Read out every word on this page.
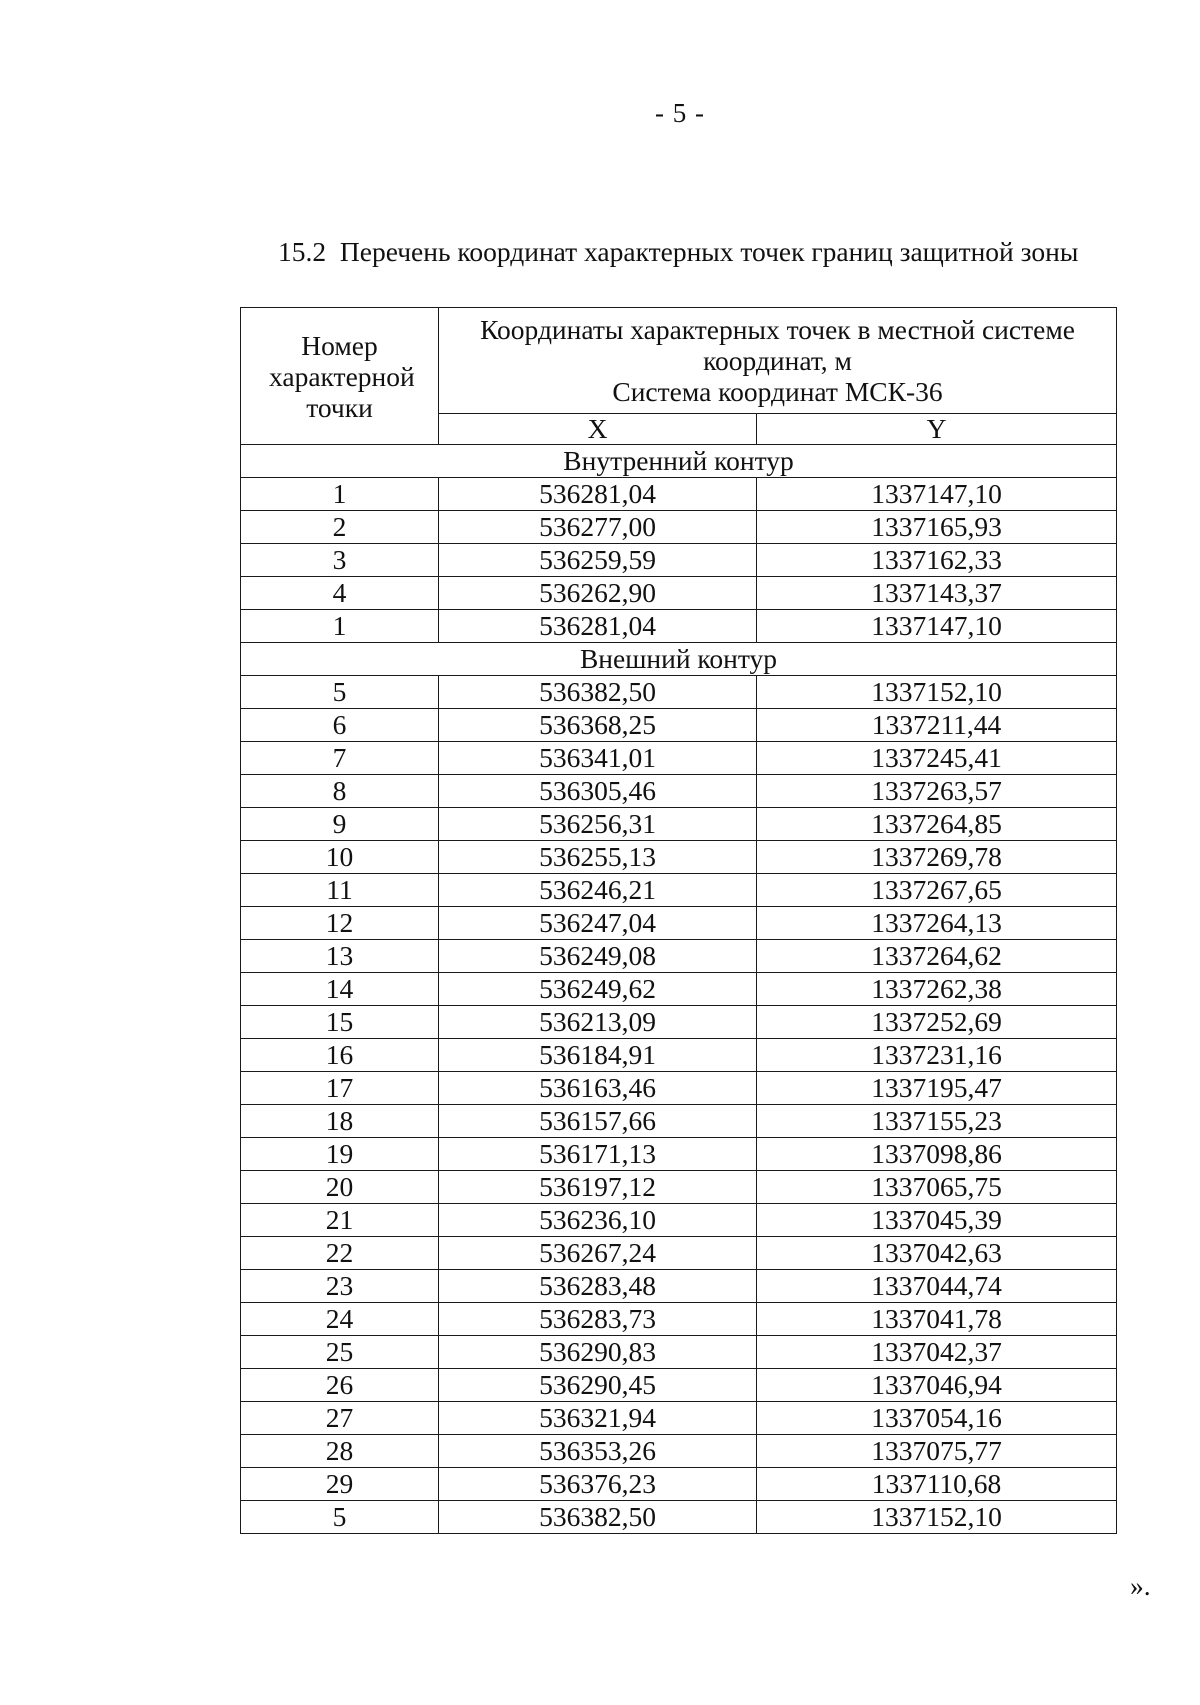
- 5 -
15.2  Перечень координат характерных точек границ защитной зоны
Номер характерной точки	Координаты характерных точек в местной системе координат, м
Система координат МСК-36	
	X	Y
Внутренний контур		
1	536281,04	1337147,10
2	536277,00	1337165,93
3	536259,59	1337162,33
4	536262,90	1337143,37
1	536281,04	1337147,10
Внешний контур		
5	536382,50	1337152,10
6	536368,25	1337211,44
7	536341,01	1337245,41
8	536305,46	1337263,57
9	536256,31	1337264,85
10	536255,13	1337269,78
11	536246,21	1337267,65
12	536247,04	1337264,13
13	536249,08	1337264,62
14	536249,62	1337262,38
15	536213,09	1337252,69
16	536184,91	1337231,16
17	536163,46	1337195,47
18	536157,66	1337155,23
19	536171,13	1337098,86
20	536197,12	1337065,75
21	536236,10	1337045,39
22	536267,24	1337042,63
23	536283,48	1337044,74
24	536283,73	1337041,78
25	536290,83	1337042,37
26	536290,45	1337046,94
27	536321,94	1337054,16
28	536353,26	1337075,77
29	536376,23	1337110,68
5	536382,50	1337152,10
».
